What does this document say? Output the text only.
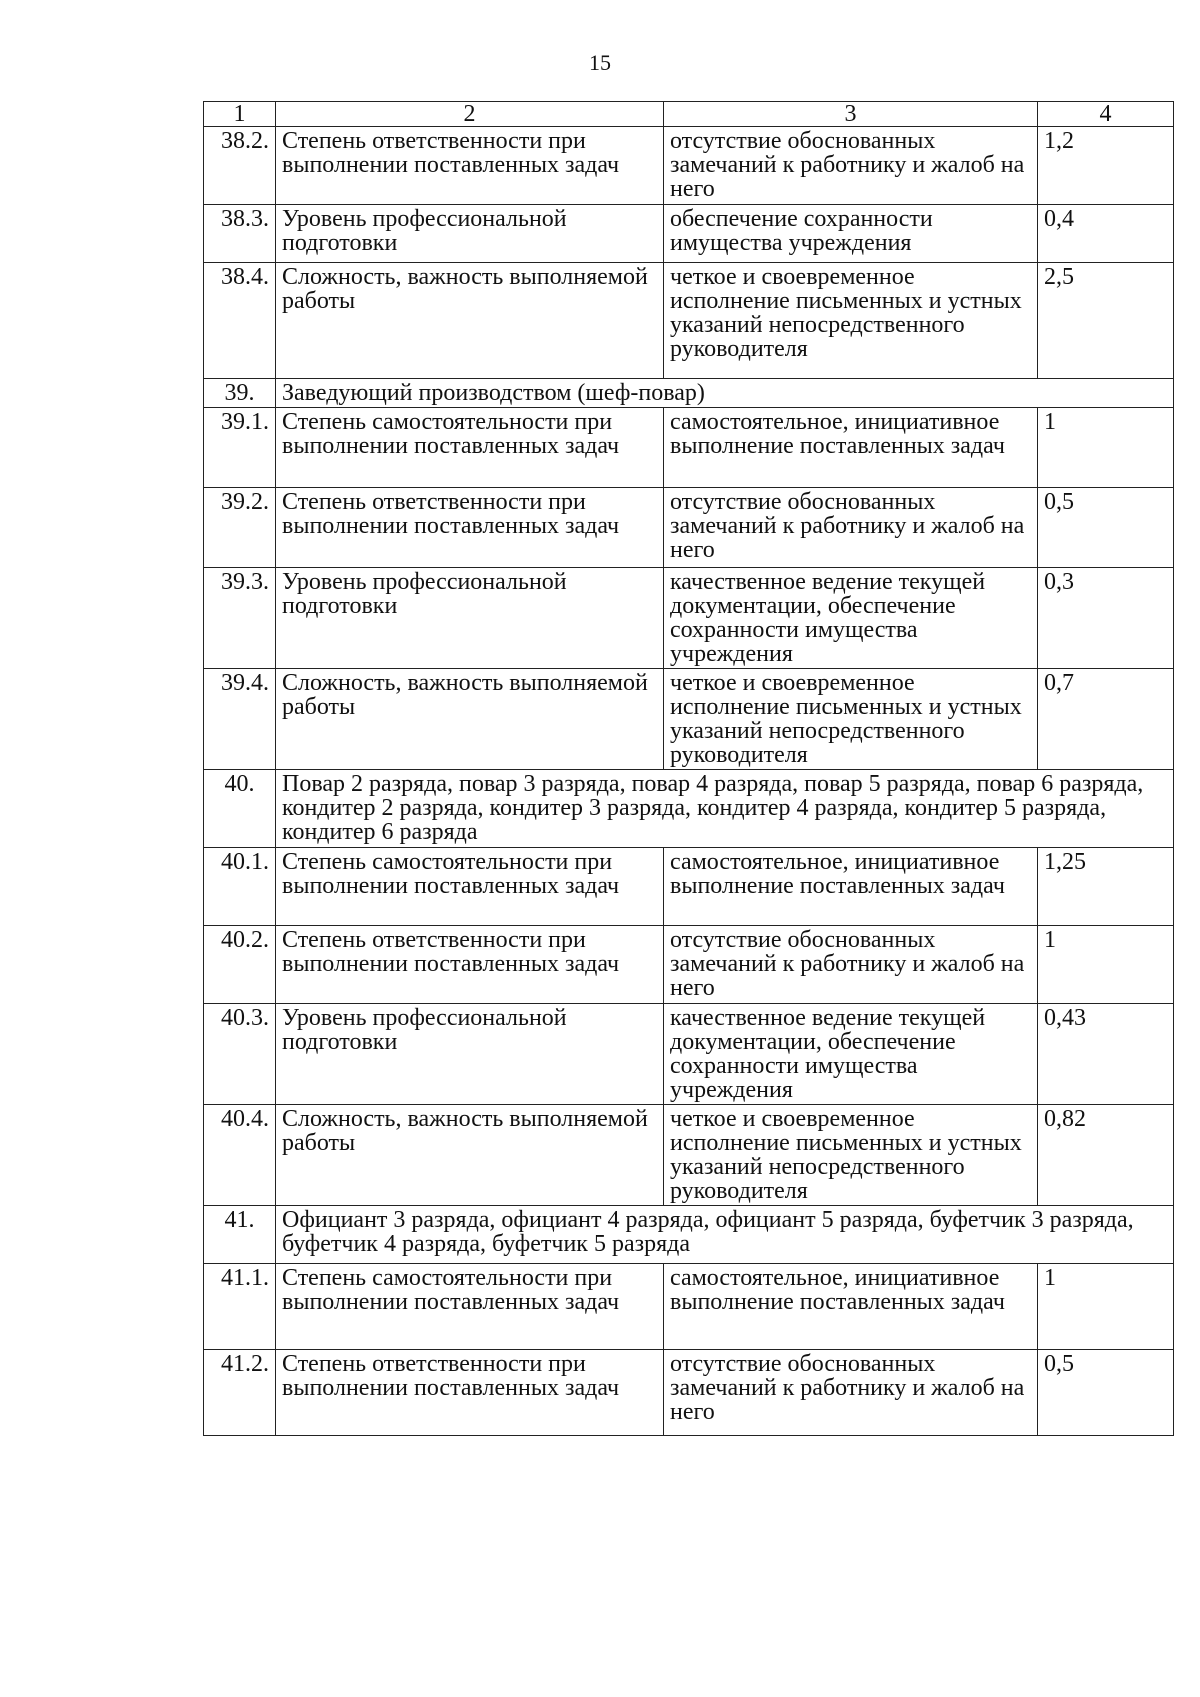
15
1	2	3	4
38.2.	Степень ответственности при выполнении поставленных задач	отсутствие обоснованных замечаний к работнику и жалоб на него	1,2
38.3.	Уровень профессиональной подготовки	обеспечение сохранности имущества учреждения	0,4
38.4.	Сложность, важность выполняемой работы	четкое и своевременное исполнение письменных и устных указаний непосредственного руководителя	2,5
39.	Заведующий производством (шеф-повар)		
39.1.	Степень самостоятельности при выполнении поставленных задач	самостоятельное, инициативное выполнение поставленных задач	1
39.2.	Степень ответственности при выполнении поставленных задач	отсутствие обоснованных замечаний к работнику и жалоб на него	0,5
39.3.	Уровень профессиональной подготовки	качественное ведение текущей документации, обеспечение сохранности имущества учреждения	0,3
39.4.	Сложность, важность выполняемой работы	четкое и своевременное исполнение письменных и устных указаний непосредственного руководителя	0,7
40.	Повар 2 разряда, повар 3 разряда, повар 4 разряда, повар 5 разряда, повар 6 разряда, кондитер 2 разряда, кондитер 3 разряда, кондитер 4 разряда, кондитер 5 разряда, кондитер 6 разряда		
40.1.	Степень самостоятельности при выполнении поставленных задач	самостоятельное, инициативное выполнение поставленных задач	1,25
40.2.	Степень ответственности при выполнении поставленных задач	отсутствие обоснованных замечаний к работнику и жалоб на него	1
40.3.	Уровень профессиональной подготовки	качественное ведение текущей документации, обеспечение сохранности имущества учреждения	0,43
40.4.	Сложность, важность выполняемой работы	четкое и своевременное исполнение письменных и устных указаний непосредственного руководителя	0,82
41.	Официант 3 разряда, официант 4 разряда, официант 5 разряда, буфетчик 3 разряда, буфетчик 4 разряда, буфетчик 5 разряда		
41.1.	Степень самостоятельности при выполнении поставленных задач	самостоятельное, инициативное выполнение поставленных задач	1
41.2.	Степень ответственности при выполнении поставленных задач	отсутствие обоснованных замечаний к работнику и жалоб на него	0,5
